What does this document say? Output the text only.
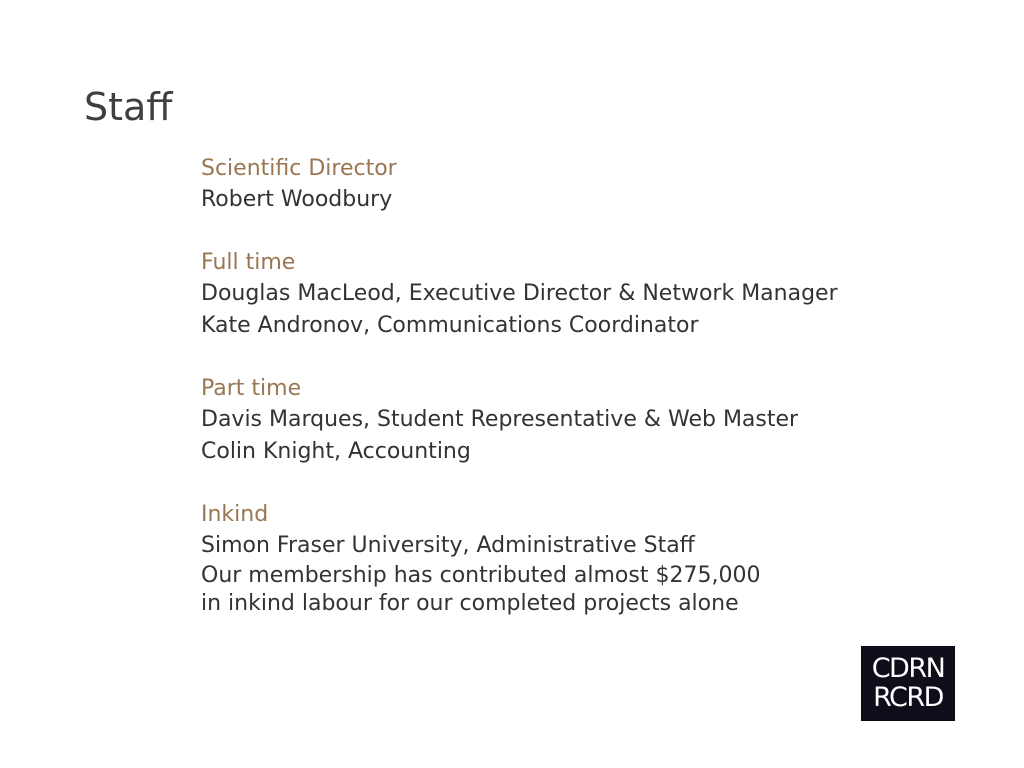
Staff

Scientific Director

Robert Woodbury

Full time

Douglas MacLeod, Executive Director & Network Manager

Kate Andronov, Communications Coordinator

Part time

Davis Marques, Student Representative & Web Master

Colin Knight, Accounting

Inkind

Simon Fraser University, Administrative Staff

Our membership has contributed almost $275,000

in inkind labour for our completed projects alone

CDRN
RCRD
